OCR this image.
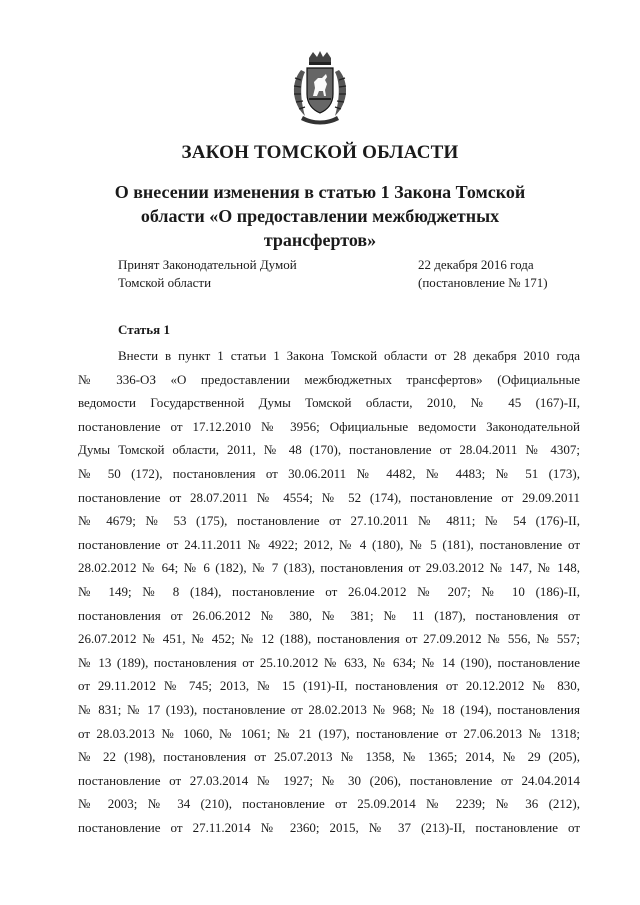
ЗАКОН ТОМСКОЙ ОБЛАСТИ
О внесении изменения в статью 1 Закона Томской
области «О предоставлении межбюджетных
трансфертов»
Принят Законодательной Думой
Томской области
22 декабря 2016 года
(постановление № 171)
Статья 1
Внести в пункт 1 статьи 1 Закона Томской области от 28 декабря 2010 года
№ 336-ОЗ «О предоставлении межбюджетных трансфертов» (Официальные
ведомости Государственной Думы Томской области, 2010, № 45 (167)-II,
постановление от 17.12.2010 № 3956; Официальные ведомости Законодательной
Думы Томской области, 2011, № 48 (170), постановление от 28.04.2011 № 4307;
№ 50 (172), постановления от 30.06.2011 № 4482, № 4483; № 51 (173),
постановление от 28.07.2011 № 4554; № 52 (174), постановление от 29.09.2011
№ 4679; № 53 (175), постановление от 27.10.2011 № 4811; № 54 (176)-II,
постановление от 24.11.2011 № 4922; 2012, № 4 (180), № 5 (181), постановление от
28.02.2012 № 64; № 6 (182), № 7 (183), постановления от 29.03.2012 № 147, № 148,
№ 149; № 8 (184), постановление от 26.04.2012 № 207; № 10 (186)-II,
постановления от 26.06.2012 № 380, № 381; № 11 (187), постановления от
26.07.2012 № 451, № 452; № 12 (188), постановления от 27.09.2012 № 556, № 557;
№ 13 (189), постановления от 25.10.2012 № 633, № 634; № 14 (190), постановление
от 29.11.2012 № 745; 2013, № 15 (191)-II, постановления от 20.12.2012 № 830,
№ 831; № 17 (193), постановление от 28.02.2013 № 968; № 18 (194), постановления
от 28.03.2013 № 1060, № 1061; № 21 (197), постановление от 27.06.2013 № 1318;
№ 22 (198), постановления от 25.07.2013 № 1358, № 1365; 2014, № 29 (205),
постановление от 27.03.2014 № 1927; № 30 (206), постановление от 24.04.2014
№ 2003; № 34 (210), постановление от 25.09.2014 № 2239; № 36 (212),
постановление от 27.11.2014 № 2360; 2015, № 37 (213)-II, постановление от
